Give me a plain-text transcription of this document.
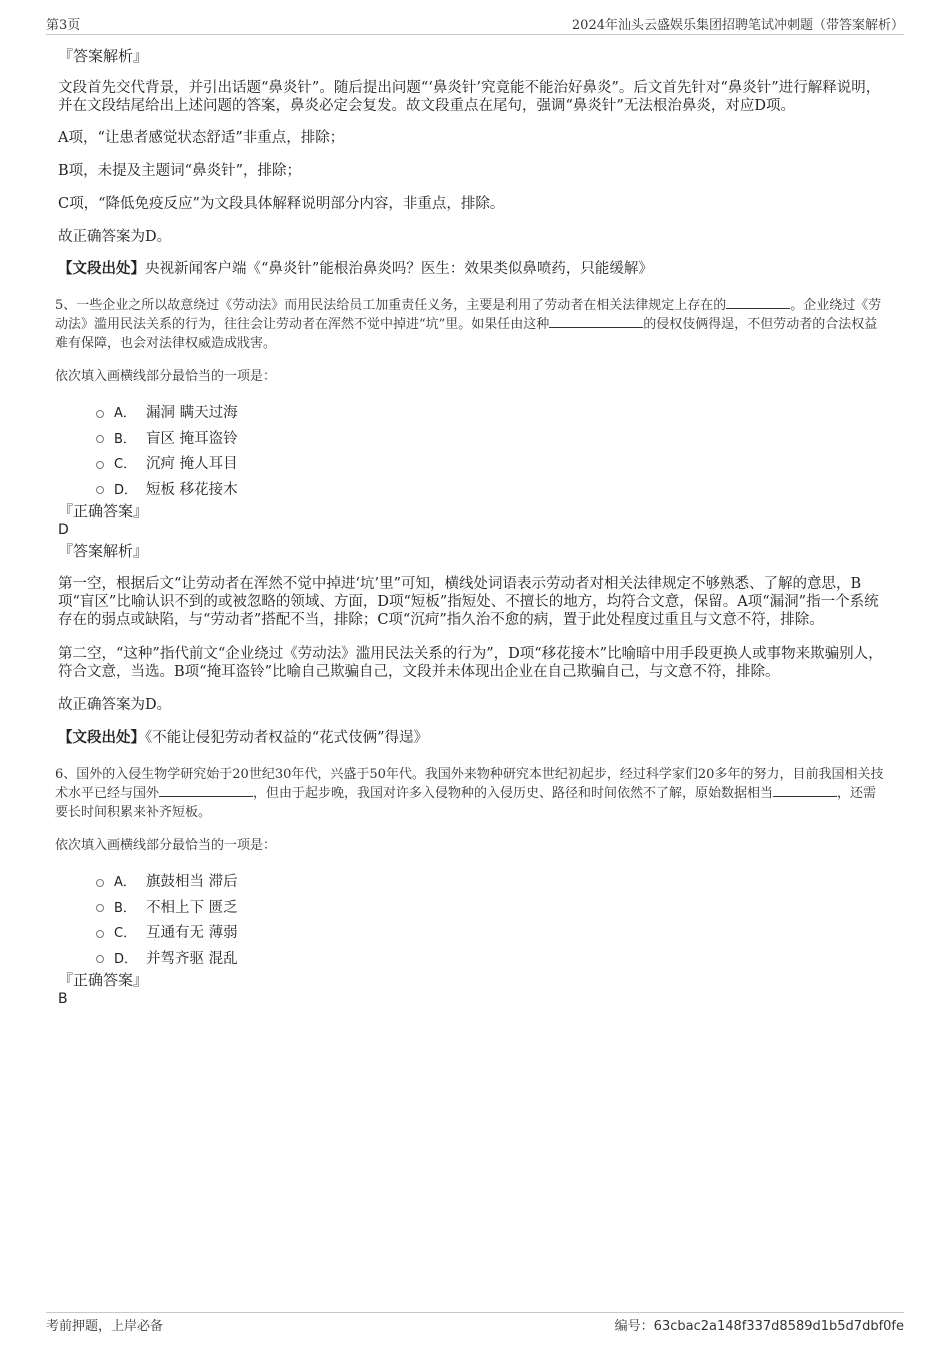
第3页	2024年汕头云盛娱乐集团招聘笔试冲刺题（带答案解析）

『答案解析』

文段首先交代背景，并引出话题“鼻炎针”。随后提出问题“‘鼻炎针’究竟能不能治好鼻炎”。后文首先针对“鼻炎针”进行解释说明，并在文段结尾给出上述问题的答案，鼻炎必定会复发。故文段重点在尾句，强调“鼻炎针”无法根治鼻炎，对应D项。

A项，“让患者感觉状态舒适”非重点，排除；

B项，未提及主题词“鼻炎针”，排除；

C项，“降低免疫反应”为文段具体解释说明部分内容，非重点，排除。

故正确答案为D。

【文段出处】央视新闻客户端《“鼻炎针”能根治鼻炎吗？医生：效果类似鼻喷药，只能缓解》

5、一些企业之所以故意绕过《劳动法》而用民法给员工加重责任义务，主要是利用了劳动者在相关法律规定上存在的	。企业绕过《劳动法》滥用民法关系的行为，往往会让劳动者在浑然不觉中掉进“坑”里。如果任由这种	的侵权伎俩得逞，不但劳动者的合法权益难有保障，也会对法律权威造成戕害。

依次填入画横线部分最恰当的一项是：

A． 漏洞 瞒天过海
B． 盲区 掩耳盗铃
C． 沉疴 掩人耳目
D． 短板 移花接木

『正确答案』

D

『答案解析』

第一空，根据后文“让劳动者在浑然不觉中掉进‘坑’里”可知，横线处词语表示劳动者对相关法律规定不够熟悉、了解的意思，B项“盲区”比喻认识不到的或被忽略的领域、方面，D项“短板”指短处、不擅长的地方，均符合文意，保留。A项“漏洞”指一个系统存在的弱点或缺陷，与“劳动者”搭配不当，排除；C项“沉疴”指久治不愈的病，置于此处程度过重且与文意不符，排除。

第二空，“这种”指代前文“企业绕过《劳动法》滥用民法关系的行为”，D项“移花接木”比喻暗中用手段更换人或事物来欺骗别人，符合文意，当选。B项“掩耳盗铃”比喻自己欺骗自己，文段并未体现出企业在自己欺骗自己，与文意不符，排除。

故正确答案为D。

【文段出处】《不能让侵犯劳动者权益的“花式伎俩”得逞》

6、国外的入侵生物学研究始于20世纪30年代，兴盛于50年代。我国外来物种研究本世纪初起步，经过科学家们20多年的努力，目前我国相关技术水平已经与国外	，但由于起步晚，我国对许多入侵物种的入侵历史、路径和时间依然不了解，原始数据相当	，还需要长时间积累来补齐短板。

依次填入画横线部分最恰当的一项是：

A． 旗鼓相当 滞后
B． 不相上下 匮乏
C． 互通有无 薄弱
D． 并驾齐驱 混乱

『正确答案』

B

考前押题，上岸必备	编号：63cbac2a148f337d8589d1b5d7dbf0fe
